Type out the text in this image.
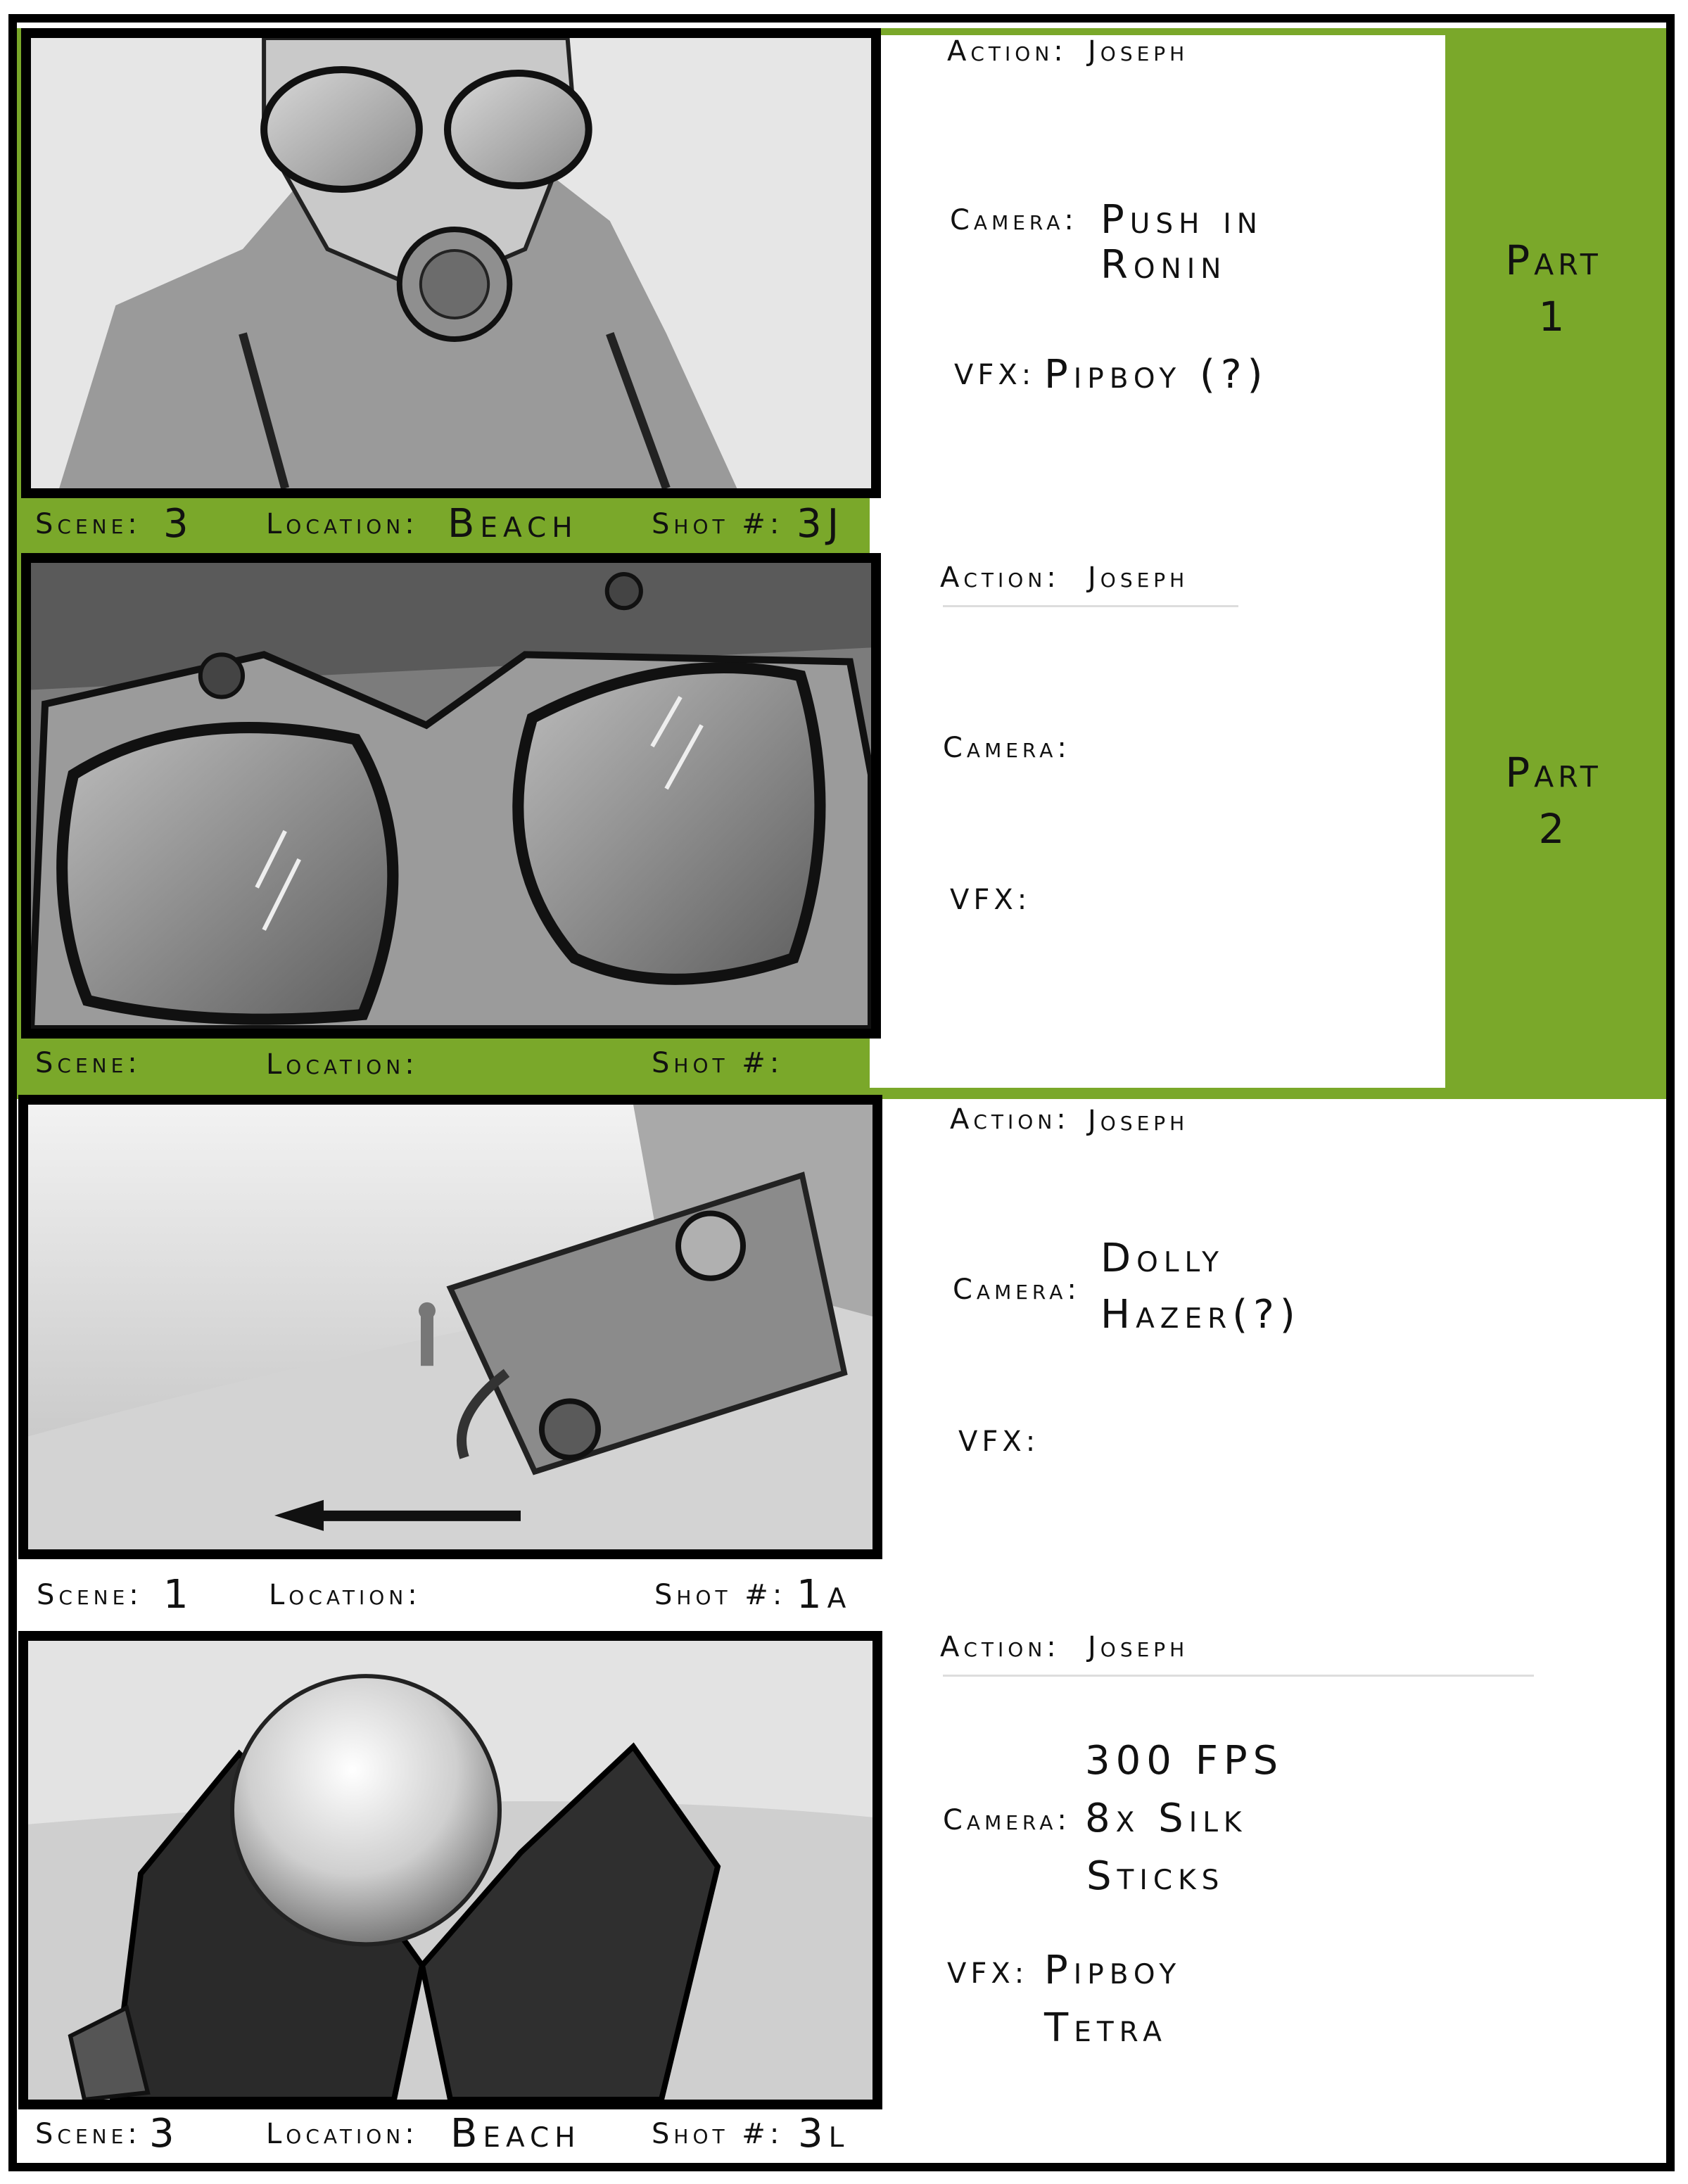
Part
1
Part
2
Scene: 3	Location: Beach	Shot #: 3J
Action: Joseph
Camera: Push in
Ronin
VFX: Pipboy (?)
Scene:	Location:	Shot #:
Action: Joseph
Camera:
VFX:
Scene: 1	Location:	Shot #: 1a
Action: Joseph
Camera:
Dolly
Hazer(?)
VFX:
Scene: 3	Location: Beach	Shot #: 3l
Action: Joseph
300 FPS
Camera: 8x Silk
Sticks
VFX: Pipboy
Tetra
